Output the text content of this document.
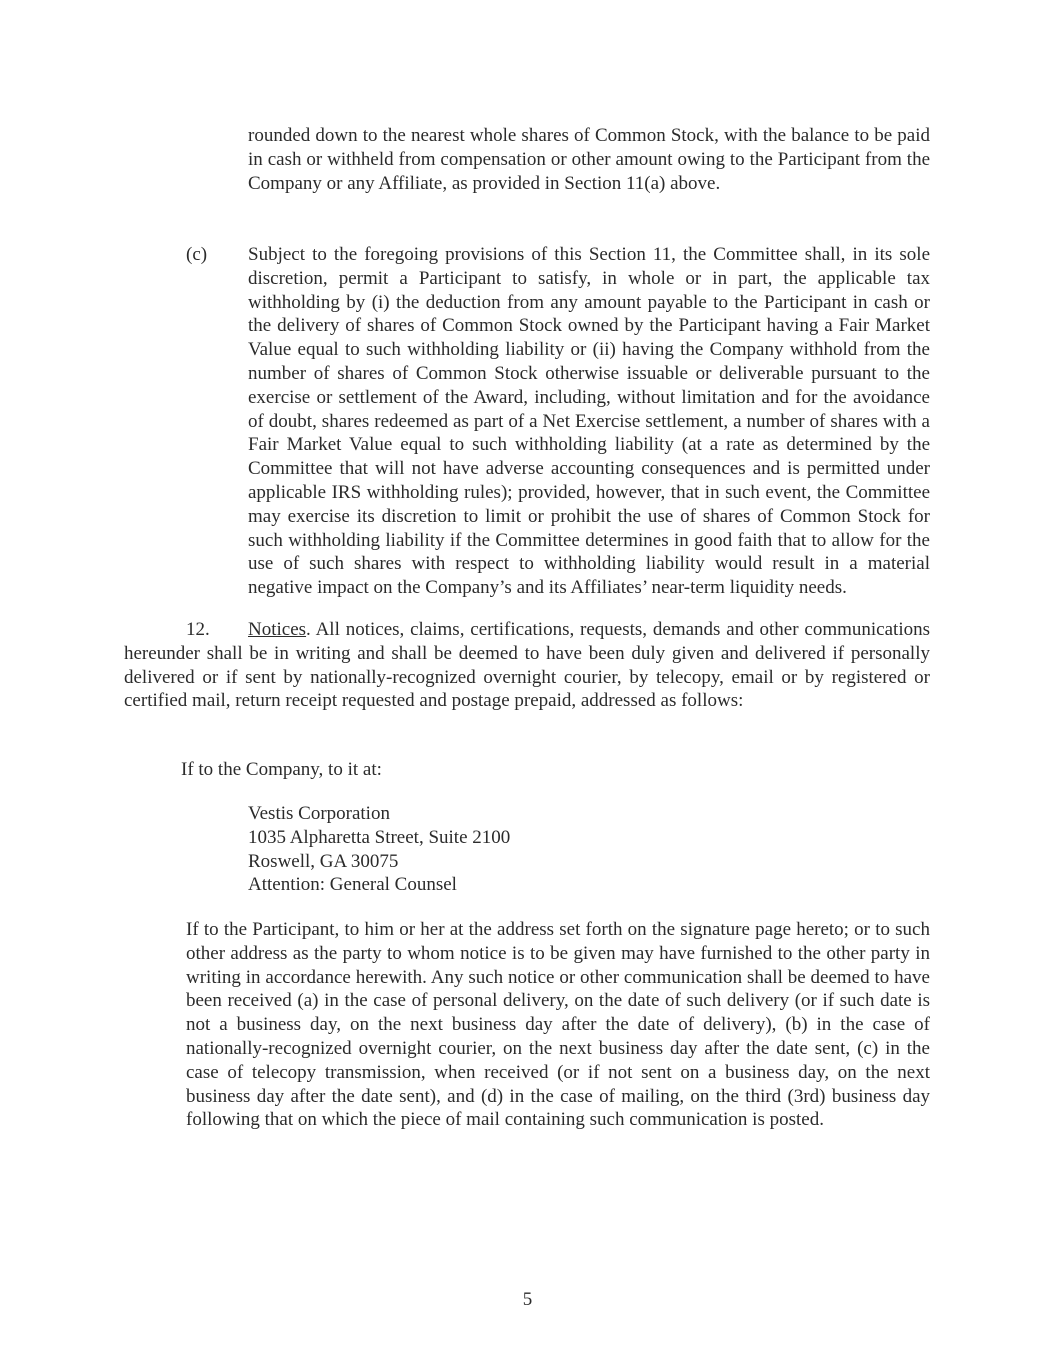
rounded down to the nearest whole shares of Common Stock, with the balance to be paid in cash or withheld from compensation or other amount owing to the Participant from the Company or any Affiliate, as provided in Section 11(a) above.

(c) Subject to the foregoing provisions of this Section 11, the Committee shall, in its sole discretion, permit a Participant to satisfy, in whole or in part, the applicable tax withholding by (i) the deduction from any amount payable to the Participant in cash or the delivery of shares of Common Stock owned by the Participant having a Fair Market Value equal to such withholding liability or (ii) having the Company withhold from the number of shares of Common Stock otherwise issuable or deliverable pursuant to the exercise or settlement of the Award, including, without limitation and for the avoidance of doubt, shares redeemed as part of a Net Exercise settlement, a number of shares with a Fair Market Value equal to such withholding liability (at a rate as determined by the Committee that will not have adverse accounting consequences and is permitted under applicable IRS withholding rules); provided, however, that in such event, the Committee may exercise its discretion to limit or prohibit the use of shares of Common Stock for such withholding liability if the Committee determines in good faith that to allow for the use of such shares with respect to withholding liability would result in a material negative impact on the Company’s and its Affiliates’ near-term liquidity needs.

12. Notices. All notices, claims, certifications, requests, demands and other communications hereunder shall be in writing and shall be deemed to have been duly given and delivered if personally delivered or if sent by nationally-recognized overnight courier, by telecopy, email or by registered or certified mail, return receipt requested and postage prepaid, addressed as follows:

If to the Company, to it at:

Vestis Corporation
1035 Alpharetta Street, Suite 2100
Roswell, GA 30075
Attention: General Counsel

If to the Participant, to him or her at the address set forth on the signature page hereto; or to such other address as the party to whom notice is to be given may have furnished to the other party in writing in accordance herewith. Any such notice or other communication shall be deemed to have been received (a) in the case of personal delivery, on the date of such delivery (or if such date is not a business day, on the next business day after the date of delivery), (b) in the case of nationally-recognized overnight courier, on the next business day after the date sent, (c) in the case of telecopy transmission, when received (or if not sent on a business day, on the next business day after the date sent), and (d) in the case of mailing, on the third (3rd) business day following that on which the piece of mail containing such communication is posted.

5
